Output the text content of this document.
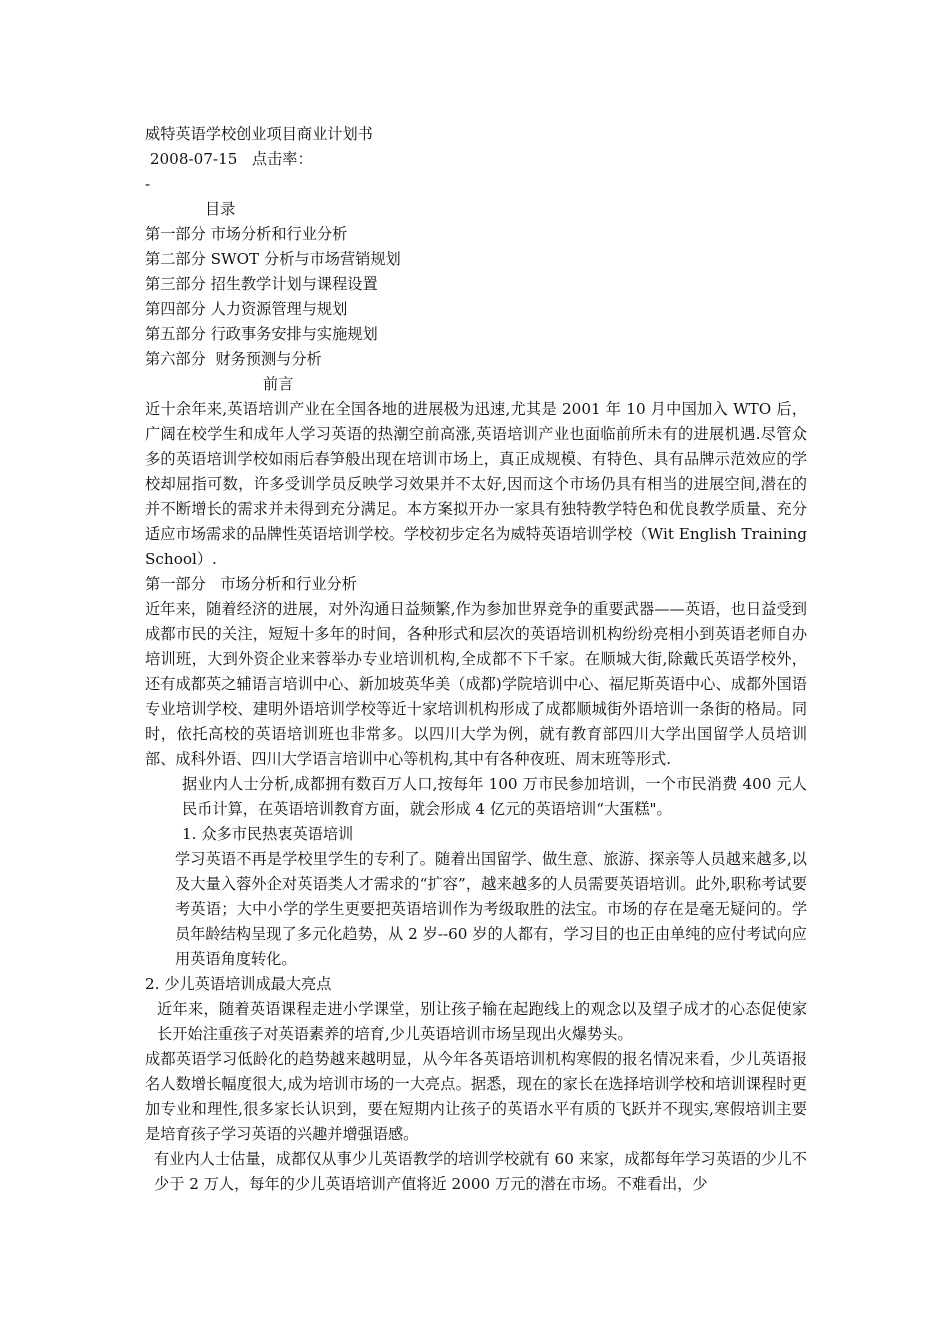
威特英语学校创业项目商业计划书

2008-07-15   点击率：

-

目录

第一部分 市场分析和行业分析

第二部分 SWOT 分析与市场营销规划

第三部分 招生教学计划与课程设置

第四部分 人力资源管理与规划

第五部分 行政事务安排与实施规划

第六部分  财务预测与分析

前言

近十余年来,英语培训产业在全国各地的进展极为迅速,尤其是 2001 年 10 月中国加入 WTO 后，广阔在校学生和成年人学习英语的热潮空前高涨,英语培训产业也面临前所未有的进展机遇.尽管众多的英语培训学校如雨后春笋般出现在培训市场上，真正成规模、有特色、具有品牌示范效应的学校却屈指可数，许多受训学员反映学习效果并不太好,因而这个市场仍具有相当的进展空间,潜在的并不断增长的需求并未得到充分满足。本方案拟开办一家具有独特教学特色和优良教学质量、充分适应市场需求的品牌性英语培训学校。学校初步定名为威特英语培训学校（Wit English Training School）.

第一部分   市场分析和行业分析

近年来，随着经济的进展，对外沟通日益频繁,作为参加世界竞争的重要武器——英语，也日益受到成都市民的关注，短短十多年的时间，各种形式和层次的英语培训机构纷纷亮相小到英语老师自办培训班，大到外资企业来蓉举办专业培训机构,全成都不下千家。在顺城大街,除戴氏英语学校外，还有成都英之辅语言培训中心、新加坡英华美（成都)学院培训中心、福尼斯英语中心、成都外国语专业培训学校、建明外语培训学校等近十家培训机构形成了成都顺城街外语培训一条街的格局。同时，依托高校的英语培训班也非常多。以四川大学为例，就有教育部四川大学出国留学人员培训部、成科外语、四川大学语言培训中心等机构,其中有各种夜班、周末班等形式.

据业内人士分析,成都拥有数百万人口,按每年 100 万市民参加培训，一个市民消费 400 元人民币计算，在英语培训教育方面，就会形成 4 亿元的英语培训“大蛋糕"。

1. 众多市民热衷英语培训

学习英语不再是学校里学生的专利了。随着出国留学、做生意、旅游、探亲等人员越来越多,以及大量入蓉外企对英语类人才需求的“扩容”，越来越多的人员需要英语培训。此外,职称考试要考英语；大中小学的学生更要把英语培训作为考级取胜的法宝。市场的存在是毫无疑问的。学员年龄结构呈现了多元化趋势，从 2 岁--60 岁的人都有，学习目的也正由单纯的应付考试向应用英语角度转化。

2. 少儿英语培训成最大亮点

近年来，随着英语课程走进小学课堂，别让孩子输在起跑线上的观念以及望子成才的心态促使家长开始注重孩子对英语素养的培育,少儿英语培训市场呈现出火爆势头。

成都英语学习低龄化的趋势越来越明显，从今年各英语培训机构寒假的报名情况来看，少儿英语报名人数增长幅度很大,成为培训市场的一大亮点。据悉，现在的家长在选择培训学校和培训课程时更加专业和理性,很多家长认识到，要在短期内让孩子的英语水平有质的飞跃并不现实,寒假培训主要是培育孩子学习英语的兴趣并增强语感。

有业内人士估量，成都仅从事少儿英语教学的培训学校就有 60 来家，成都每年学习英语的少儿不少于 2 万人，每年的少儿英语培训产值将近 2000 万元的潜在市场。不难看出，少
